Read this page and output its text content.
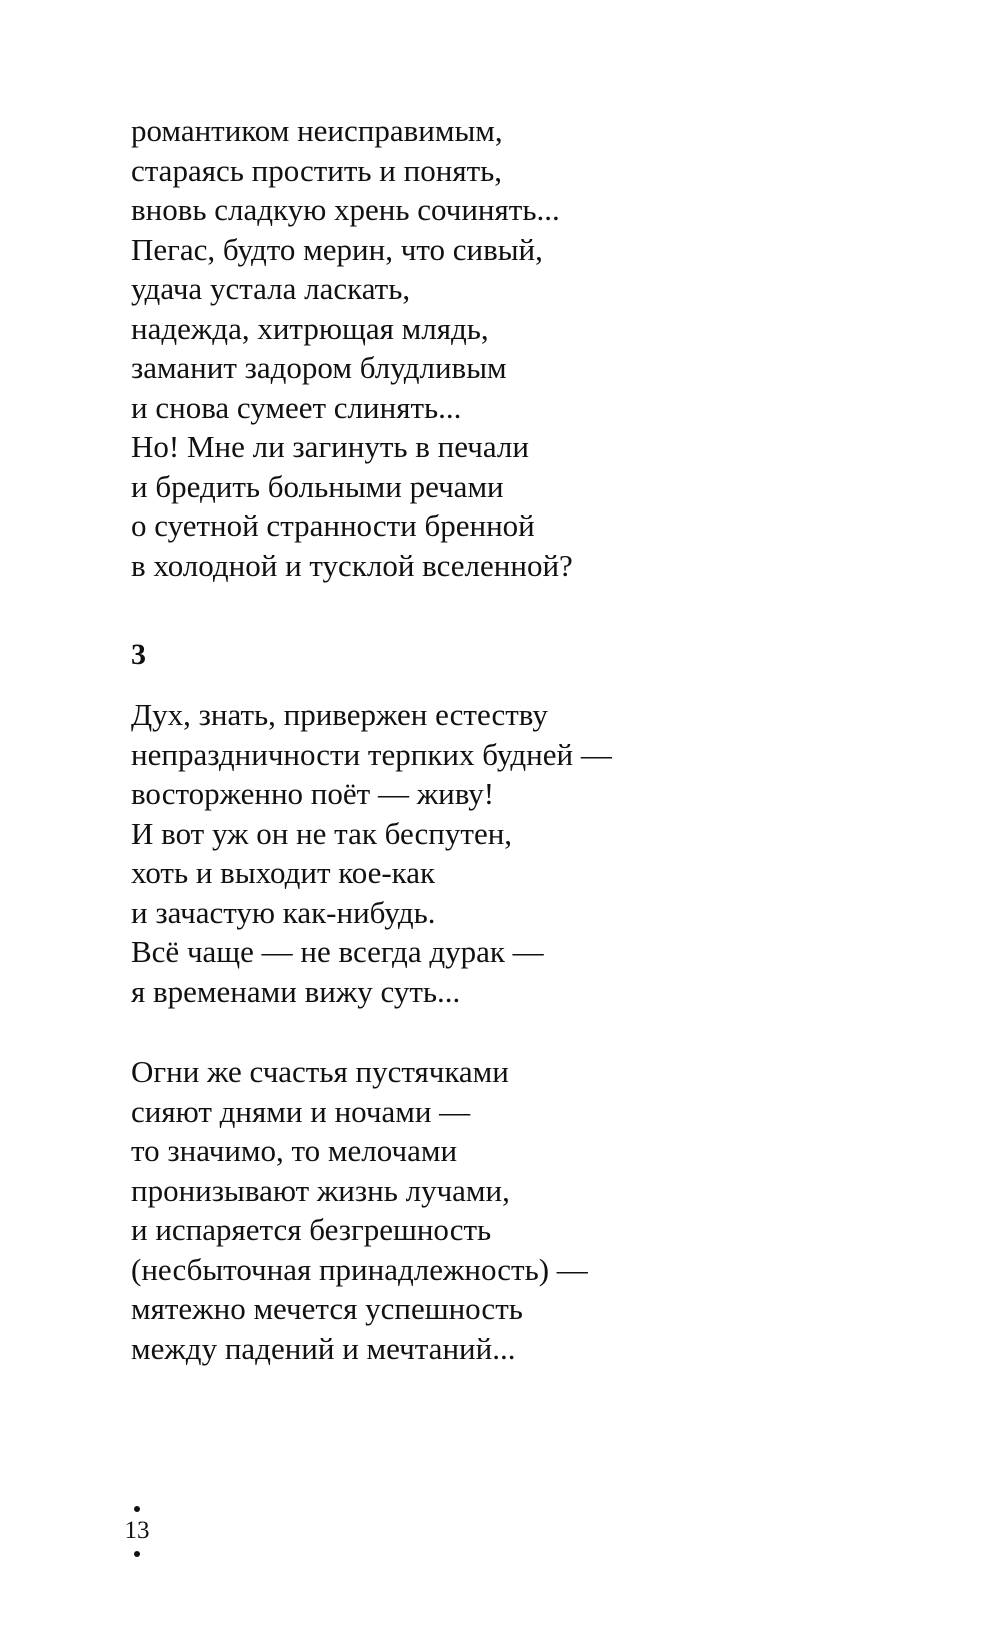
романтиком неисправимым,
стараясь простить и понять,
вновь сладкую хрень сочинять...
Пегас, будто мерин, что сивый,
удача устала ласкать,
надежда, хитрющая млядь,
заманит задором блудливым
и снова сумеет слинять...
Но! Мне ли загинуть в печали
и бредить больными речами
о суетной странности бренной
в холодной и тусклой вселенной?
3
Дух, знать, привержен естеству
непраздничности терпких будней —
восторженно поёт — живу!
И вот уж он не так беспутен,
хоть и выходит кое-как
и зачастую как-нибудь.
Всё чаще — не всегда дурак —
я временами вижу суть...
Огни же счастья пустячками
сияют днями и ночами —
то значимо, то мелочами
пронизывают жизнь лучами,
и испаряется безгрешность
(несбыточная принадлежность) —
мятежно мечется успешность
между падений и мечтаний...
13
